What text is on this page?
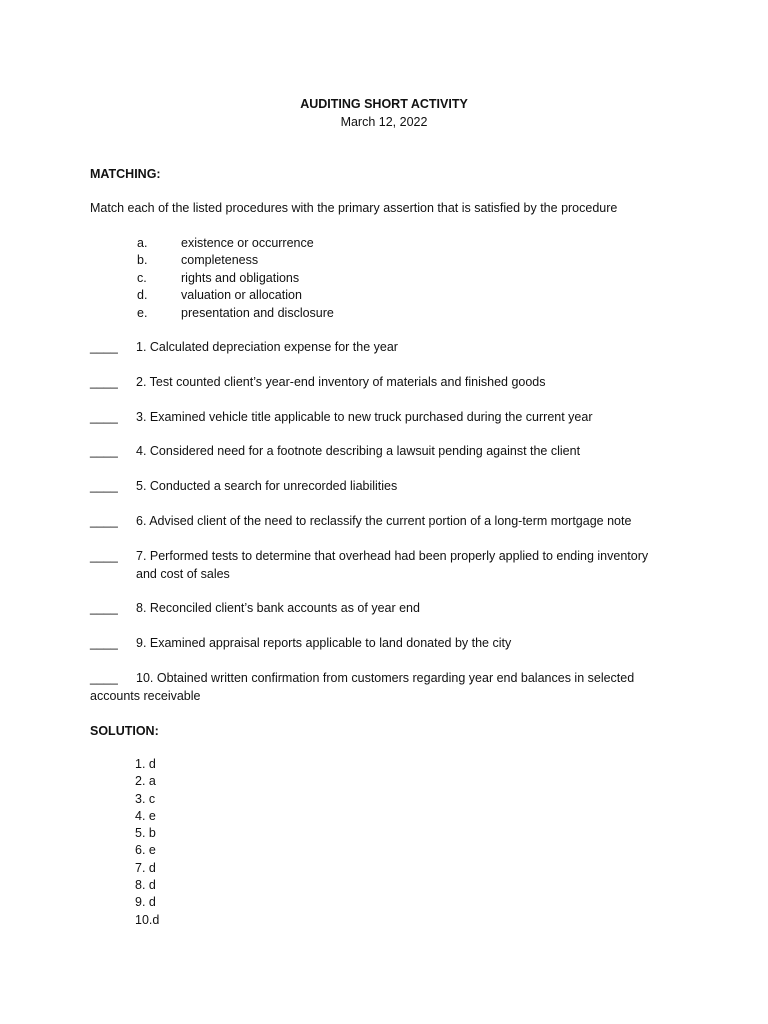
AUDITING SHORT ACTIVITY
March 12, 2022
MATCHING:
Match each of the listed procedures with the primary assertion that is satisfied by the procedure
a.	existence or occurrence
b.	completeness
c.	rights and obligations
d.	valuation or allocation
e.	presentation and disclosure
____	1. Calculated depreciation expense for the year
____	2. Test counted client’s year-end inventory of materials and finished goods
____	3. Examined vehicle title applicable to new truck purchased during the current year
____	4. Considered need for a footnote describing a lawsuit pending against the client
____	5. Conducted a search for unrecorded liabilities
____	6. Advised client of the need to reclassify the current portion of a long-term mortgage note
____	7. Performed tests to determine that overhead had been properly applied to ending inventory and cost of sales
____	8. Reconciled client’s bank accounts as of year end
____	9. Examined appraisal reports applicable to land donated by the city
____	10. Obtained written confirmation from customers regarding year end balances in selected accounts receivable
SOLUTION:
1. d
2. a
3. c
4. e
5. b
6. e
7. d
8. d
9. d
10.d
